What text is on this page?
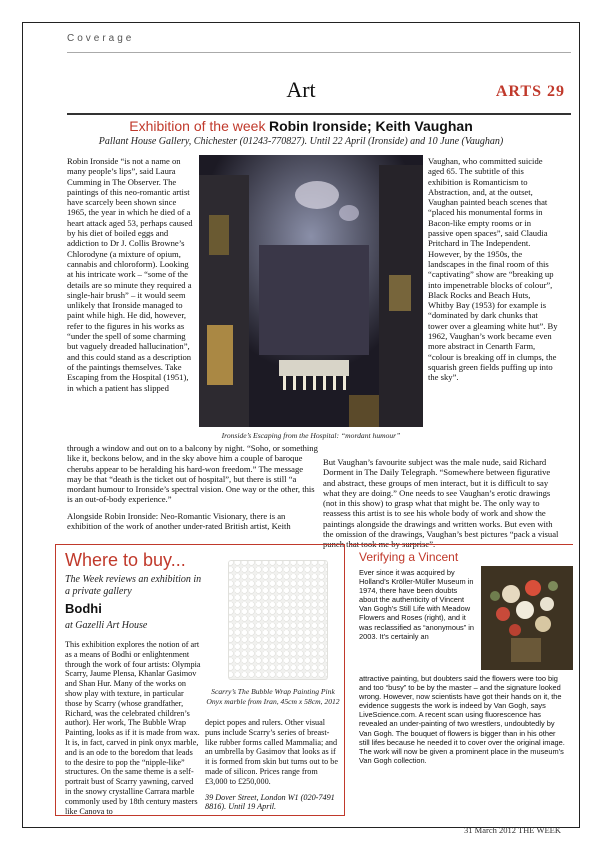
Coverage
Art	ARTS 29
Exhibition of the week Robin Ironside; Keith Vaughan
Pallant House Gallery, Chichester (01243-770827). Until 22 April (Ironside) and 10 June (Vaughan)

Robin Ironside “is not a name on many people’s lips”, said Laura Cumming in The Observer. The paintings of this neo-romantic artist have scarcely been shown since 1965, the year in which he died of a heart attack aged 53, perhaps caused by his diet of boiled eggs and addiction to Dr J. Collis Browne’s Chlorodyne (a mixture of opium, cannabis and chloroform). Looking at his intricate work – “some of the details are so minute they required a single-hair brush” – it would seem unlikely that Ironside managed to paint while high. He did, however, refer to the figures in his works as “under the spell of some charming but vaguely dreaded hallucination”, and this could stand as a description of the paintings themselves. Take Escaping from the Hospital (1951), in which a patient has slipped

Ironside’s Escaping from the Hospital: “mordant humour”

Vaughan, who committed suicide aged 65. The subtitle of this exhibition is Romanticism to Abstraction, and, at the outset, Vaughan painted beach scenes that “placed his monumental forms in Bacon-like empty rooms or in passive open spaces”, said Claudia Pritchard in The Independent. However, by the 1950s, the landscapes in the final room of this “captivating” show are “breaking up into impenetrable blocks of colour”, Black Rocks and Beach Huts, Whitby Bay (1953) for example is “dominated by dark chunks that tower over a gleaming white hut”. By 1962, Vaughan’s work became even more abstract in Cenarth Farm, “colour is breaking off in clumps, the squarish green fields puffing up into the sky”.

through a window and out on to a balcony by night. “Soho, or something like it, beckons below, and in the sky above him a couple of baroque cherubs appear to be heralding his hard-won freedom.” The message may be that “death is the ticket out of hospital”, but there is still “a mordant humour to Ironside’s spectral vision. One way or the other, this is an out-of-body experience.”

Alongside Robin Ironside: Neo-Romantic Visionary, there is an exhibition of the work of another under-rated British artist, Keith

But Vaughan’s favourite subject was the male nude, said Richard Dorment in The Daily Telegraph. “Somewhere between figurative and abstract, these groups of men interact, but it is difficult to say what they are doing.” One needs to see Vaughan’s erotic drawings (not in this show) to grasp what that might be. The only way to reassess this artist is to see his whole body of work and show the paintings alongside the drawings and written works. But even with the omission of the drawings, Vaughan’s best pictures “pack a visual punch that took me by surprise”.

Where to buy...
The Week reviews an exhibition in a private gallery
Bodhi
at Gazelli Art House

This exhibition explores the notion of art as a means of Bodhi or enlightenment through the work of four artists: Olympia Scarry, Jaume Plensa, Khanlar Gasimov and Shan Hur. Many of the works on show play with texture, in particular those by Scarry (whose grandfather, Richard, was the celebrated children’s author). Her work, The Bubble Wrap Painting, looks as if it is made from wax. It is, in fact, carved in pink onyx marble, and is an ode to the boredom that leads to the desire to pop the “nipple-like” structures. On the same theme is a self-portrait bust of Scarry yawning, carved in the snowy crystalline Carrara marble commonly used by 18th century masters like Canova to

Scarry’s The Bubble Wrap Painting Pink Onyx marble from Iran, 45cm x 58cm, 2012

depict popes and rulers. Other visual puns include Scarry’s series of breast-like rubber forms called Mammalia; and an umbrella by Gasimov that looks as if it is formed from skin but turns out to be made of silicon. Prices range from £3,000 to £250,000.

39 Dover Street, London W1 (020-7491 8816). Until 19 April.

Verifying a Vincent

Ever since it was acquired by Holland’s Kröller-Müller Museum in 1974, there have been doubts about the authenticity of Vincent Van Gogh’s Still Life with Meadow Flowers and Roses (right), and it was reclassified as “anonymous” in 2003. It’s certainly an

attractive painting, but doubters said the flowers were too big and too “busy” to be by the master – and the signature looked wrong. However, now scientists have got their hands on it, the evidence suggests the work is indeed by Van Gogh, says LiveScience.com. A recent scan using fluorescence has revealed an under-painting of two wrestlers, undoubtedly by Van Gogh. The bouquet of flowers is bigger than in his other still lifes because he needed it to cover over the original image. The work will now be given a prominent place in the museum’s Van Gogh collection.

31 March 2012 THE WEEK
